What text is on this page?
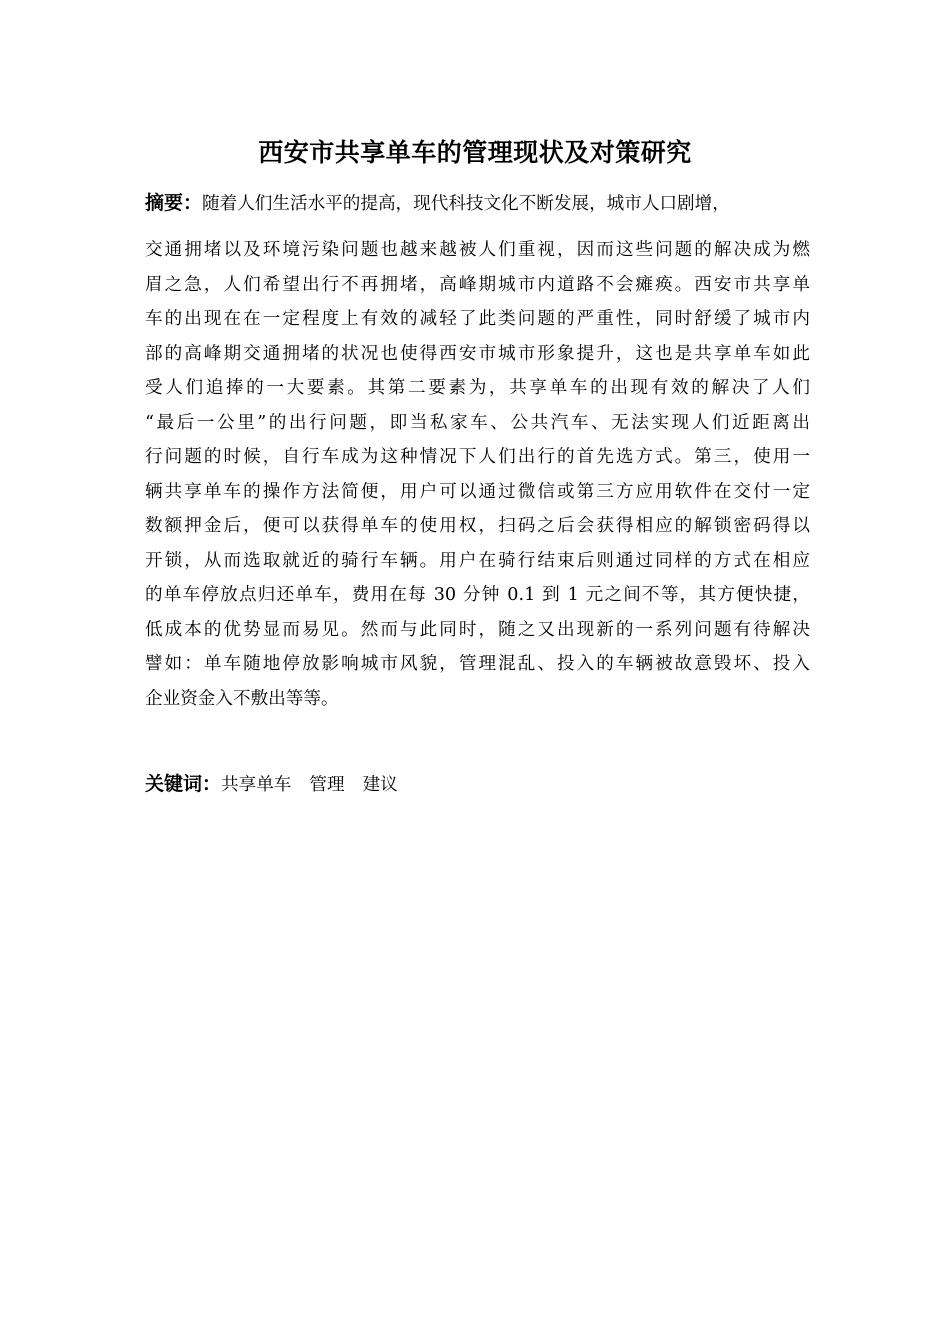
西安市共享单车的管理现状及对策研究
摘要：随着人们生活水平的提高，现代科技文化不断发展，城市人口剧增，
交通拥堵以及环境污染问题也越来越被人们重视，因而这些问题的解决成为燃
眉之急，人们希望出行不再拥堵，高峰期城市内道路不会瘫痪。西安市共享单
车的出现在在一定程度上有效的减轻了此类问题的严重性，同时舒缓了城市内
部的高峰期交通拥堵的状况也使得西安市城市形象提升，这也是共享单车如此
受人们追捧的一大要素。其第二要素为，共享单车的出现有效的解决了人们
“最后一公里”的出行问题，即当私家车、公共汽车、无法实现人们近距离出
行问题的时候，自行车成为这种情况下人们出行的首先选方式。第三，使用一
辆共享单车的操作方法简便，用户可以通过微信或第三方应用软件在交付一定
数额押金后，便可以获得单车的使用权，扫码之后会获得相应的解锁密码得以
开锁，从而选取就近的骑行车辆。用户在骑行结束后则通过同样的方式在相应
的单车停放点归还单车，费用在每 30 分钟 0.1 到 1 元之间不等，其方便快捷，
低成本的优势显而易见。然而与此同时，随之又出现新的一系列问题有待解决
譬如：单车随地停放影响城市风貌，管理混乱、投入的车辆被故意毁坏、投入
企业资金入不敷出等等。
关键词：共享单车 管理 建议
